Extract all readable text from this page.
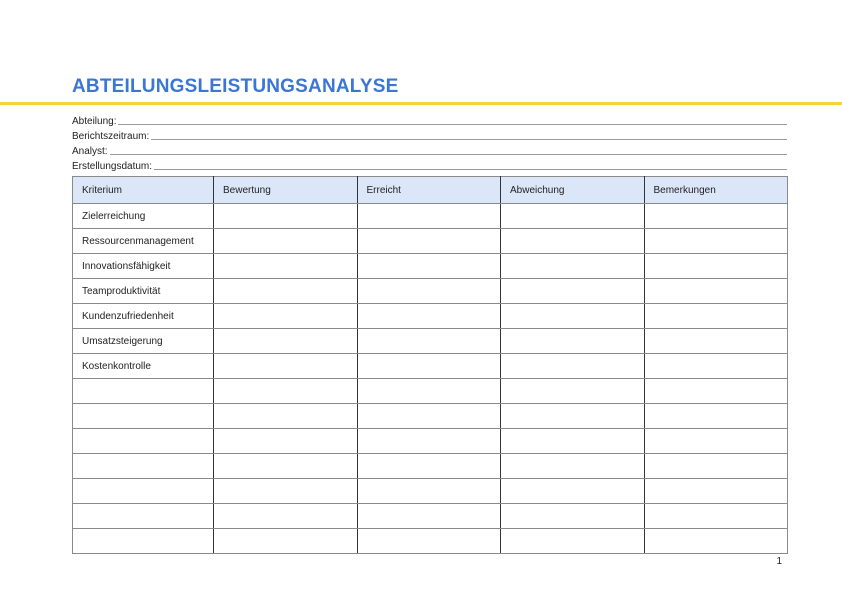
ABTEILUNGSLEISTUNGSANALYSE
Abteilung:
Berichtszeitraum:
Analyst:
Erstellungsdatum:
Kriterium	Bewertung	Erreicht	Abweichung	Bemerkungen
Zielerreichung				
Ressourcenmanagement				
Innovationsfähigkeit				
Teamproduktivität				
Kundenzufriedenheit				
Umsatzsteigerung				
Kostenkontrolle				

1
